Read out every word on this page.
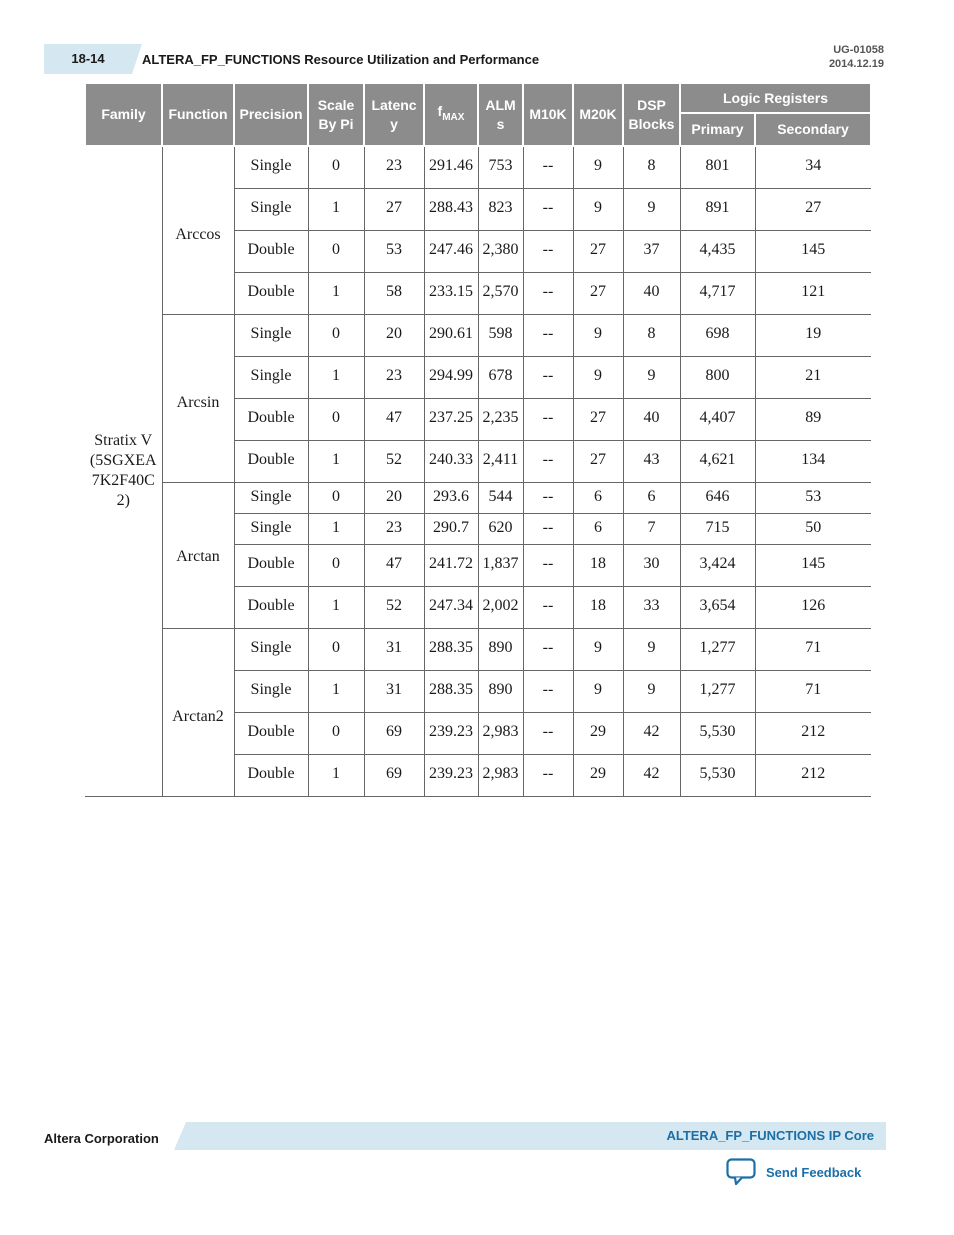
18-14	ALTERA_FP_FUNCTIONS Resource Utilization and Performance
UG-01058
2014.12.19
Family	Function	Precision	Scale By Pi	Latenc y	$f_{MAX}$	ALM s	M10K	M20K	DSP Blocks	Logic Registers	
										Primary	Secondary
Stratix V (5SGXEA 7K2F40C 2)	Arccos	Single	0	23	291.46	753	--	9	8	801	34
		Single	1	27	288.43	823	--	9	9	891	27
		Double	0	53	247.46	2,380	--	27	37	4,435	145
		Double	1	58	233.15	2,570	--	27	40	4,717	121
	Arcsin	Single	0	20	290.61	598	--	9	8	698	19
		Single	1	23	294.99	678	--	9	9	800	21
		Double	0	47	237.25	2,235	--	27	40	4,407	89
		Double	1	52	240.33	2,411	--	27	43	4,621	134
	Arctan	Single	0	20	293.6	544	--	6	6	646	53
		Single	1	23	290.7	620	--	6	7	715	50
		Double	0	47	241.72	1,837	--	18	30	3,424	145
		Double	1	52	247.34	2,002	--	18	33	3,654	126
	Arctan2	Single	0	31	288.35	890	--	9	9	1,277	71
		Single	1	31	288.35	890	--	9	9	1,277	71
		Double	0	69	239.23	2,983	--	29	42	5,530	212
		Double	1	69	239.23	2,983	--	29	42	5,530	212
Altera Corporation	ALTERA_FP_FUNCTIONS IP Core
Send Feedback
